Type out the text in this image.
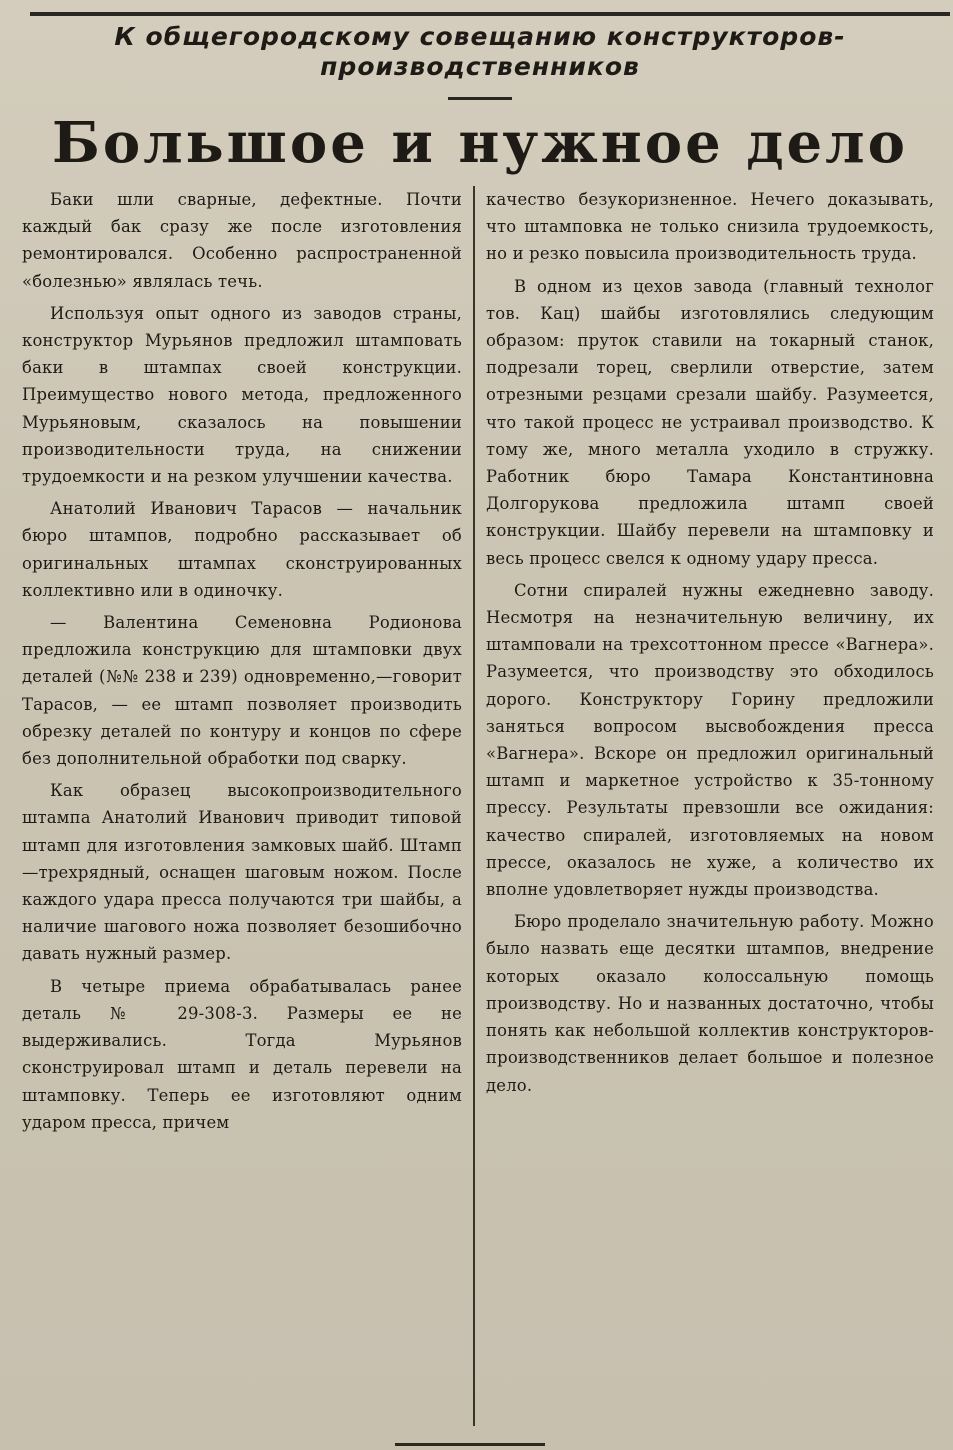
К общегородскому совещанию конструкторов-производственников
Большое и нужное дело

Баки шли сварные, дефектные. Почти каждый бак сразу же после изготовления ремонтировался. Особенно распространенной «болезнью» являлась течь.

Используя опыт одного из заводов страны, конструктор Мурьянов предложил штамповать баки в штампах своей конструкции. Преимущество нового метода, предложенного Мурьяновым, сказалось на повышении производительности труда, на снижении трудоемкости и на резком улучшении качества.

Анатолий Иванович Тарасов — начальник бюро штампов, подробно рассказывает об оригинальных штампах сконструированных коллективно или в одиночку.

— Валентина Семеновна Родионова предложила конструкцию для штамповки двух деталей (№№ 238 и 239) одновременно,—говорит Тарасов, — ее штамп позволяет производить обрезку деталей по контуру и концов по сфере без дополнительной обработки под сварку.

Как образец высокопроизводительного штампа Анатолий Иванович приводит типовой штамп для изготовления замковых шайб. Штамп—трехрядный, оснащен шаговым ножом. После каждого удара пресса получаются три шайбы, а наличие шагового ножа позволяет безошибочно давать нужный размер.

В четыре приема обрабатывалась ранее деталь № 29-308-3. Размеры ее не выдерживались. Тогда Мурьянов сконструировал штамп и деталь перевели на штамповку. Теперь ее изготовляют одним ударом пресса, причем

качество безукоризненное. Нечего доказывать, что штамповка не только снизила трудоемкость, но и резко повысила производительность труда.

В одном из цехов завода (главный технолог тов. Кац) шайбы изготовлялись следующим образом: пруток ставили на токарный станок, подрезали торец, сверлили отверстие, затем отрезными резцами срезали шайбу. Разумеется, что такой процесс не устраивал производство. К тому же, много металла уходило в стружку. Работник бюро Тамара Константиновна Долгорукова предложила штамп своей конструкции. Шайбу перевели на штамповку и весь процесс свелся к одному удару пресса.

Сотни спиралей нужны ежедневно заводу. Несмотря на незначительную величину, их штамповали на трехсоттонном прессе «Вагнера». Разумеется, что производству это обходилось дорого. Конструктору Горину предложили заняться вопросом высвобождения пресса «Вагнера». Вскоре он предложил оригинальный штамп и маркетное устройство к 35-тонному прессу. Результаты превзошли все ожидания: качество спиралей, изготовляемых на новом прессе, оказалось не хуже, а количество их вполне удовлетворяет нужды производства.

Бюро проделало значительную работу. Можно было назвать еще десятки штампов, внедрение которых оказало колоссальную помощь производству. Но и названных достаточно, чтобы понять как небольшой коллектив конструкторов-производственников делает большое и полезное дело.
